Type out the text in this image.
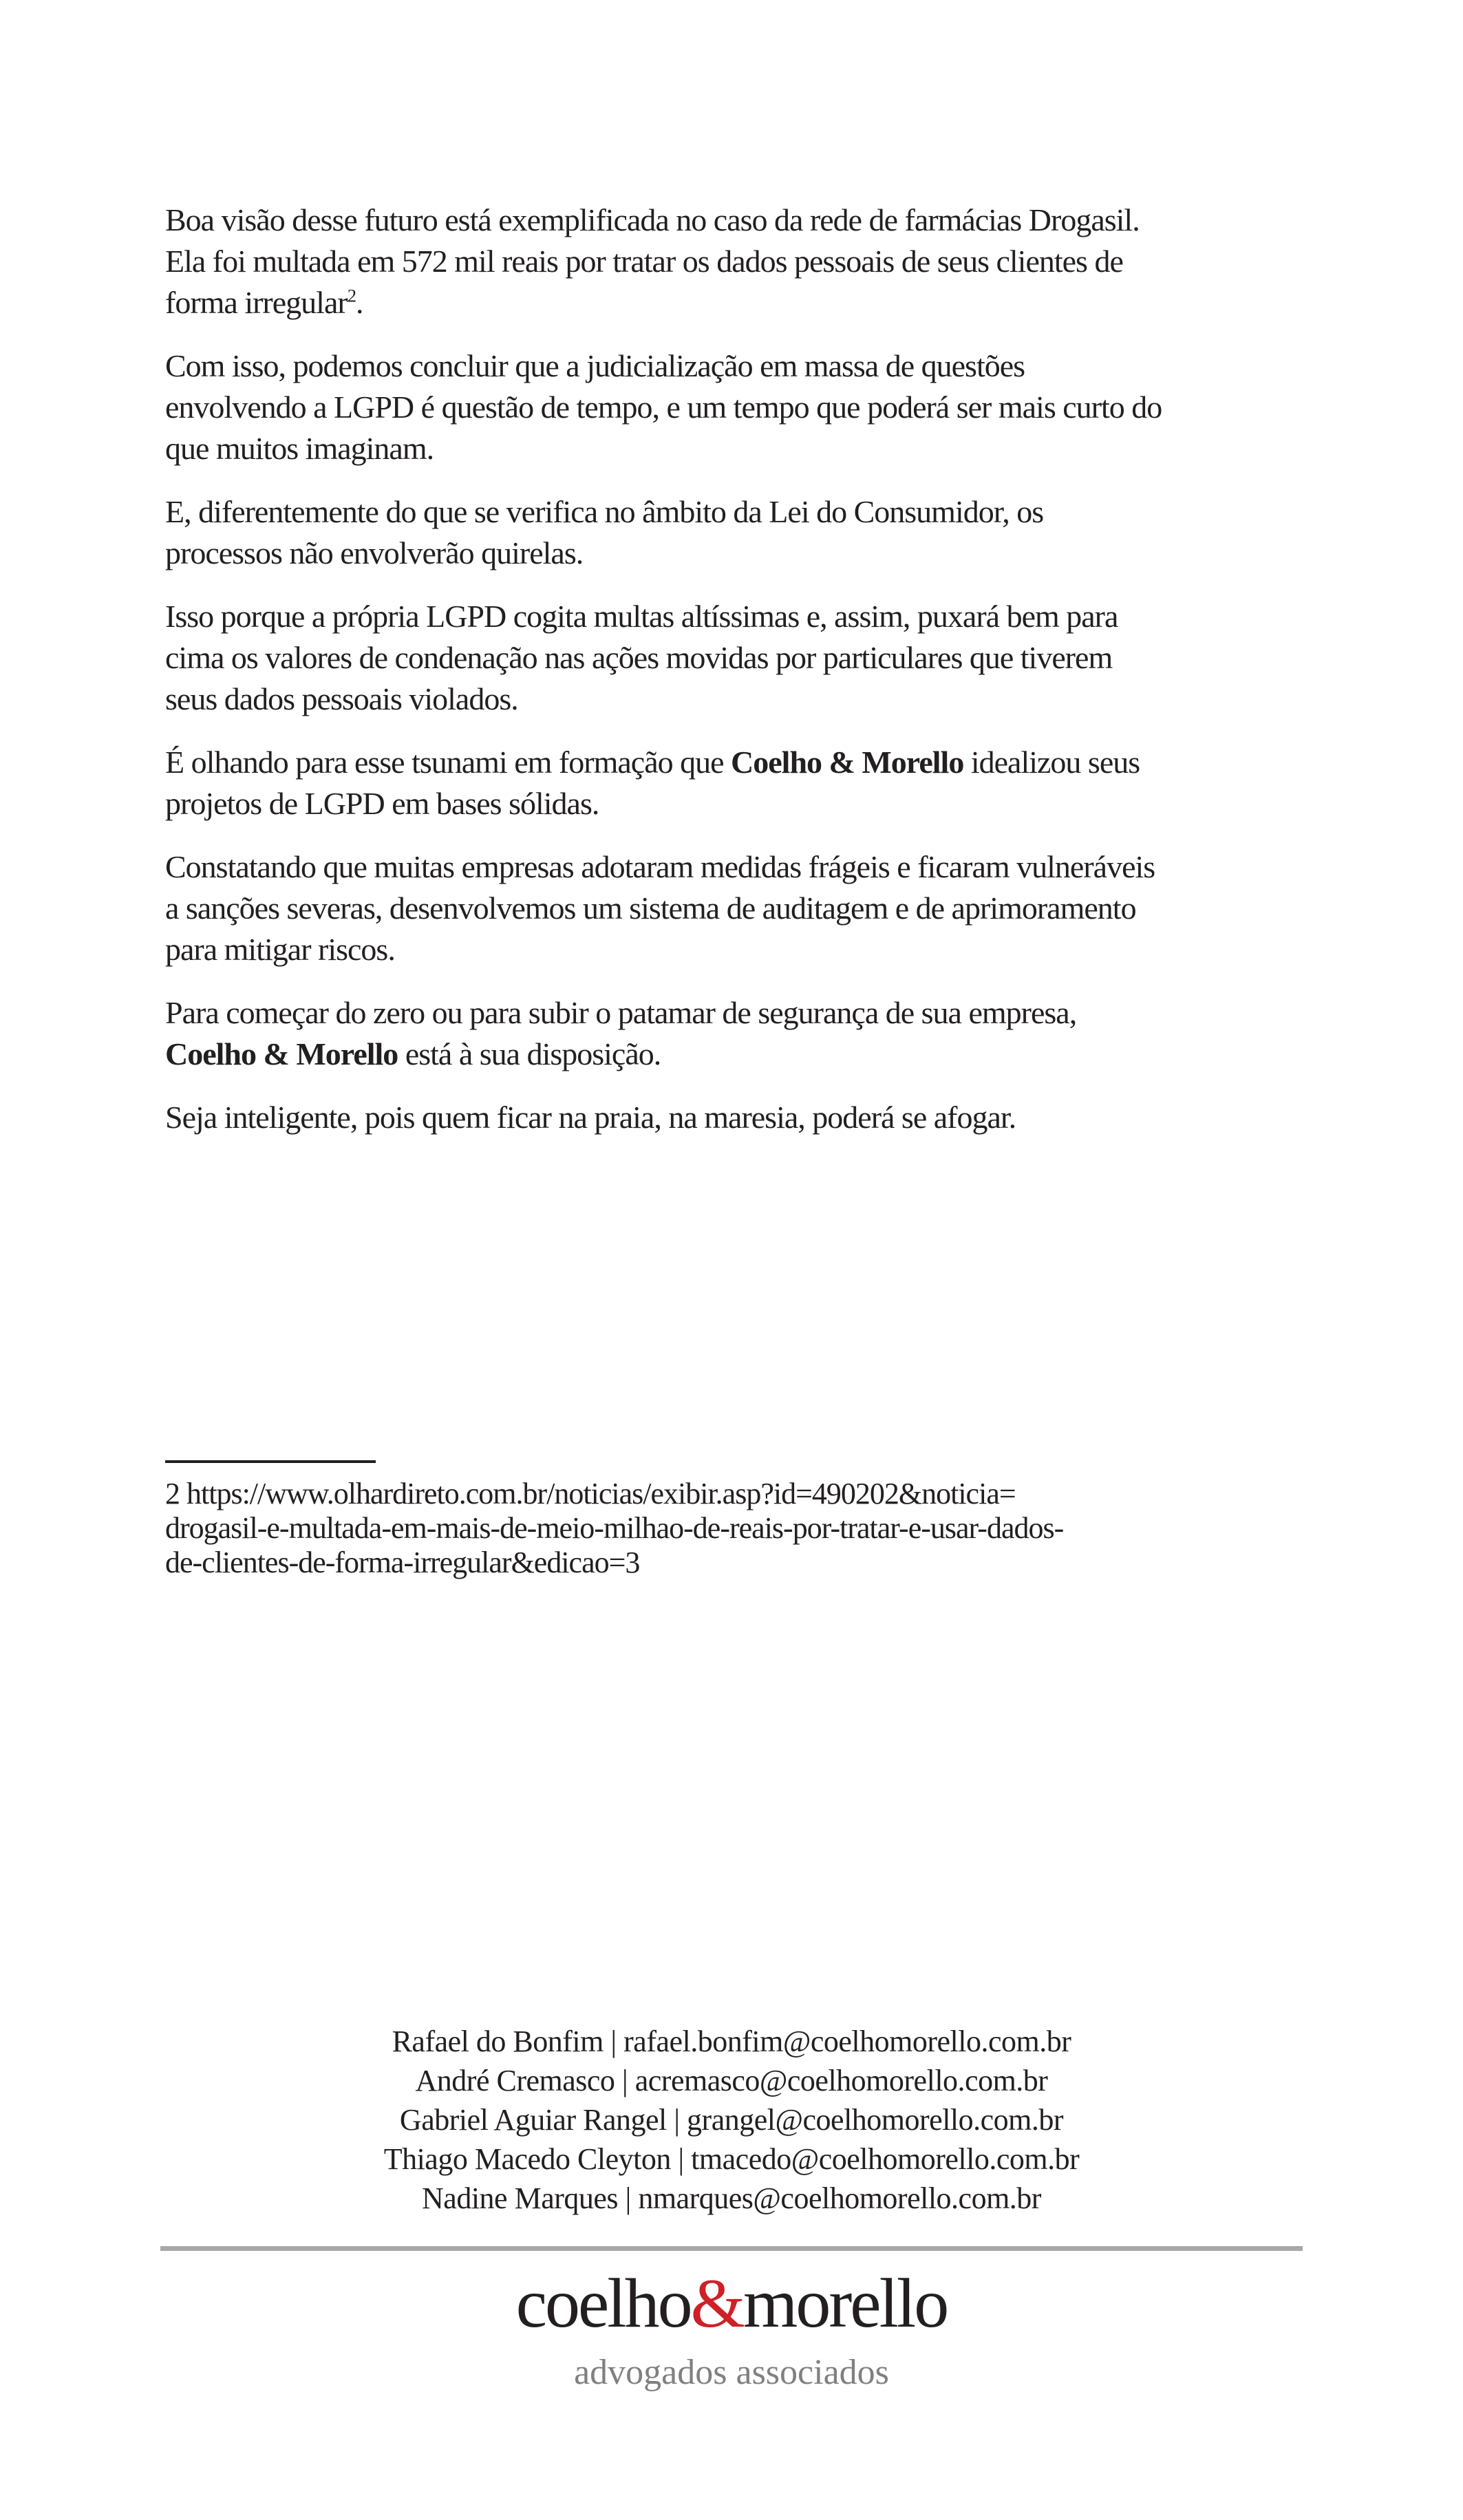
Boa visão desse futuro está exemplificada no caso da rede de farmácias Drogasil.
Ela foi multada em 572 mil reais por tratar os dados pessoais de seus clientes de
forma irregular$^2$.
Com isso, podemos concluir que a judicialização em massa de questões
envolvendo a LGPD é questão de tempo, e um tempo que poderá ser mais curto do
que muitos imaginam.
E, diferentemente do que se verifica no âmbito da Lei do Consumidor, os
processos não envolverão quirelas.
Isso porque a própria LGPD cogita multas altíssimas e, assim, puxará bem para
cima os valores de condenação nas ações movidas por particulares que tiverem
seus dados pessoais violados.
É olhando para esse tsunami em formação que Coelho & Morello idealizou seus
projetos de LGPD em bases sólidas.
Constatando que muitas empresas adotaram medidas frágeis e ficaram vulneráveis
a sanções severas, desenvolvemos um sistema de auditagem e de aprimoramento
para mitigar riscos.
Para começar do zero ou para subir o patamar de segurança de sua empresa,
Coelho & Morello está à sua disposição.
Seja inteligente, pois quem ficar na praia, na maresia, poderá se afogar.
2 https://www.olhardireto.com.br/noticias/exibir.asp?id=490202&noticia=
drogasil-e-multada-em-mais-de-meio-milhao-de-reais-por-tratar-e-usar-dados-
de-clientes-de-forma-irregular&edicao=3
Rafael do Bonfim | rafael.bonfim@coelhomorello.com.br
André Cremasco | acremasco@coelhomorello.com.br
Gabriel Aguiar Rangel | grangel@coelhomorello.com.br
Thiago Macedo Cleyton | tmacedo@coelhomorello.com.br
Nadine Marques | nmarques@coelhomorello.com.br
coelho&morello
advogados associados
